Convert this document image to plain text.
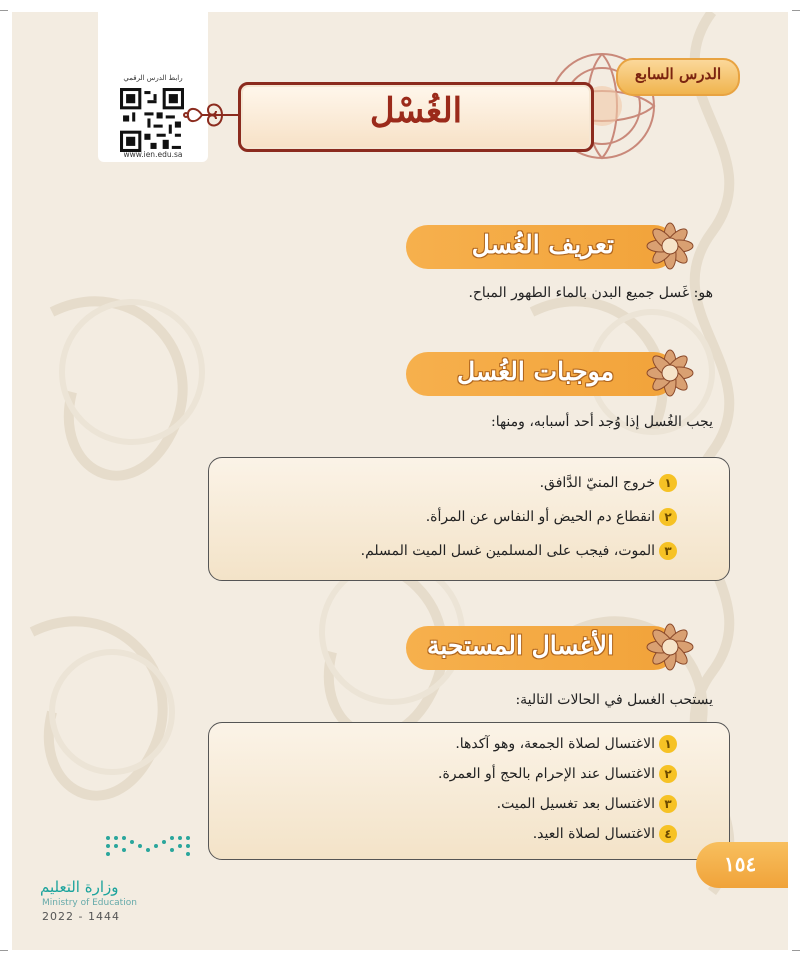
رابط الدرس الرقمي
www.ien.edu.sa
الدرس السابع
الغُسْل
تعريف الغُسل
هو: غَسل جميع البدن بالماء الطهور المباح.
موجبات الغُسل
يجب الغُسل إذا وُجد أحد أسبابه، ومنها:
١
خروج المنيّ الدَّافق.
٢
انقطاع دم الحيض أو النفاس عن المرأة.
٣
الموت، فيجب على المسلمين غسل الميت المسلم.
الأغسال المستحبة
يستحب الغسل في الحالات التالية:
١
الاغتسال لصلاة الجمعة، وهو آكدها.
٢
الاغتسال عند الإحرام بالحج أو العمرة.
٣
الاغتسال بعد تغسيل الميت.
٤
الاغتسال لصلاة العيد.
وزارة التعليم
Ministry of Education
2022 - 1444
١٥٤
